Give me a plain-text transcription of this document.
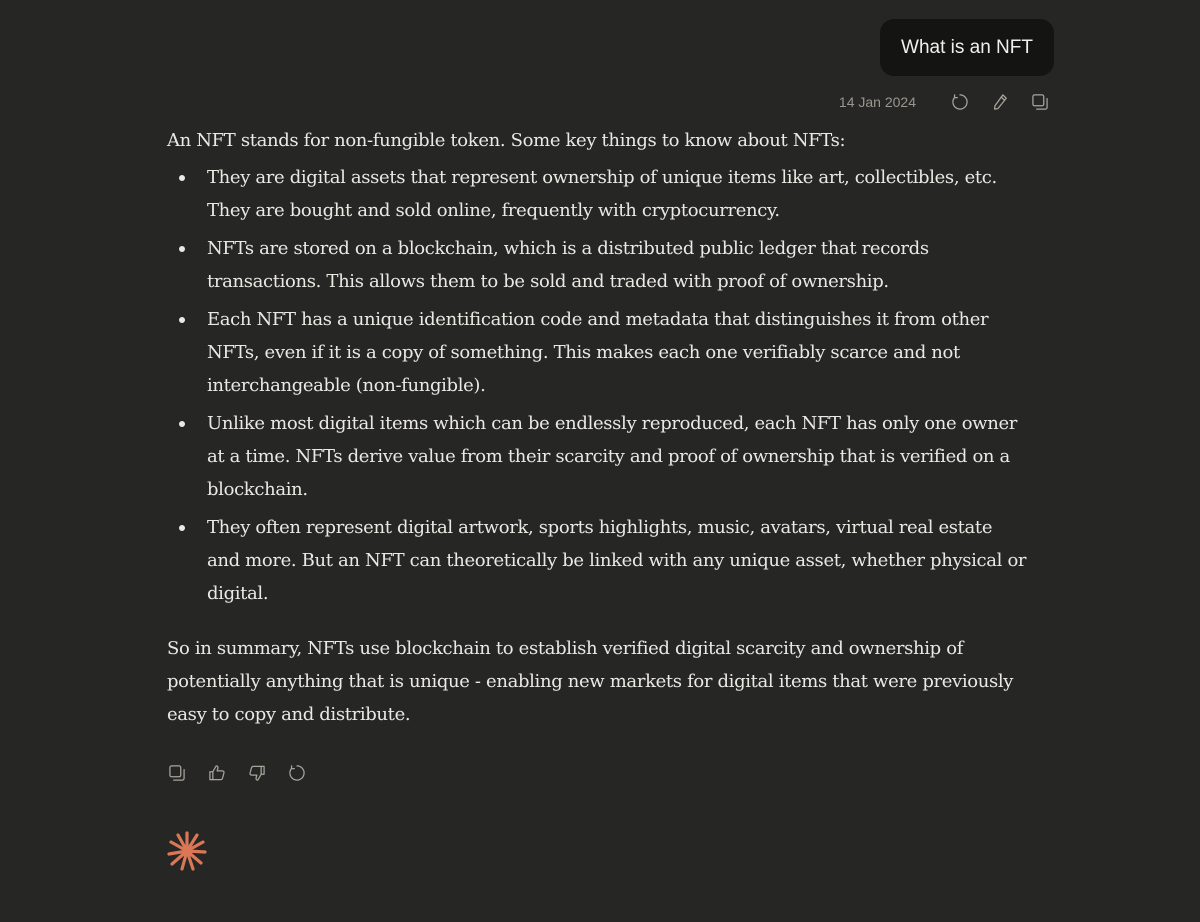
What is an NFT
14 Jan 2024

An NFT stands for non-fungible token. Some key things to know about NFTs:

They are digital assets that represent ownership of unique items like art, collectibles, etc. They are bought and sold online, frequently with cryptocurrency.
NFTs are stored on a blockchain, which is a distributed public ledger that records transactions. This allows them to be sold and traded with proof of ownership.
Each NFT has a unique identification code and metadata that distinguishes it from other NFTs, even if it is a copy of something. This makes each one verifiably scarce and not interchangeable (non-fungible).
Unlike most digital items which can be endlessly reproduced, each NFT has only one owner at a time. NFTs derive value from their scarcity and proof of ownership that is verified on a blockchain.
They often represent digital artwork, sports highlights, music, avatars, virtual real estate and more. But an NFT can theoretically be linked with any unique asset, whether physical or digital.

So in summary, NFTs use blockchain to establish verified digital scarcity and ownership of potentially anything that is unique - enabling new markets for digital items that were previously easy to copy and distribute.
